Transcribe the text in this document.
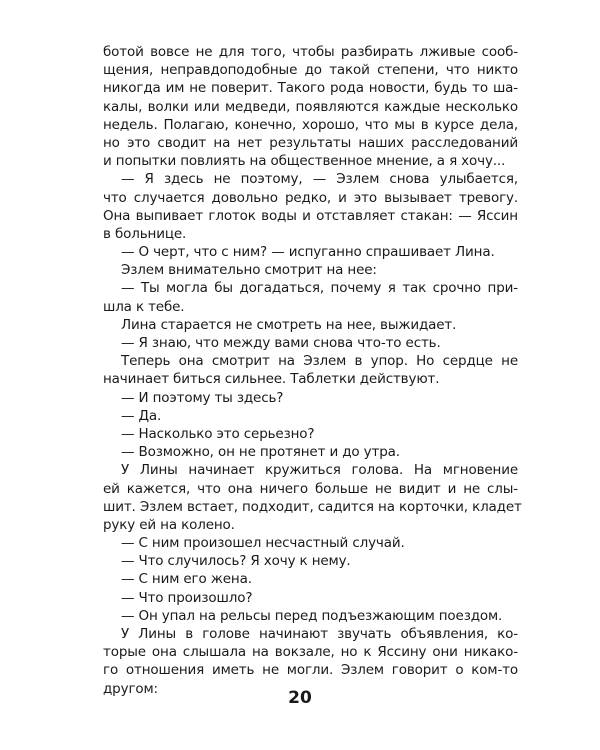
ботой вовсе не для того, чтобы разбирать лживые сооб-
щения, неправдоподобные до такой степени, что никто
никогда им не поверит. Такого рода новости, будь то ша-
калы, волки или медведи, появляются каждые несколько
недель. Полагаю, конечно, хорошо, что мы в курсе дела,
но это сводит на нет результаты наших расследований
и попытки повлиять на общественное мнение, а я хочу...
— Я здесь не поэтому, — Эзлем снова улыбается,
что случается довольно редко, и это вызывает тревогу.
Она выпивает глоток воды и отставляет стакан: — Яссин
в больнице.
— О черт, что с ним? — испуганно спрашивает Лина.
Эзлем внимательно смотрит на нее:
— Ты могла бы догадаться, почему я так срочно при-
шла к тебе.
Лина старается не смотреть на нее, выжидает.
— Я знаю, что между вами снова что-то есть.
Теперь она смотрит на Эзлем в упор. Но сердце не
начинает биться сильнее. Таблетки действуют.
— И поэтому ты здесь?
— Да.
— Насколько это серьезно?
— Возможно, он не протянет и до утра.
У Лины начинает кружиться голова. На мгновение
ей кажется, что она ничего больше не видит и не слы-
шит. Эзлем встает, подходит, садится на корточки, кладет
руку ей на колено.
— С ним произошел несчастный случай.
— Что случилось? Я хочу к нему.
— С ним его жена.
— Что произошло?
— Он упал на рельсы перед подъезжающим поездом.
У Лины в голове начинают звучать объявления, ко-
торые она слышала на вокзале, но к Яссину они никако-
го отношения иметь не могли. Эзлем говорит о ком-то
другом:	20
